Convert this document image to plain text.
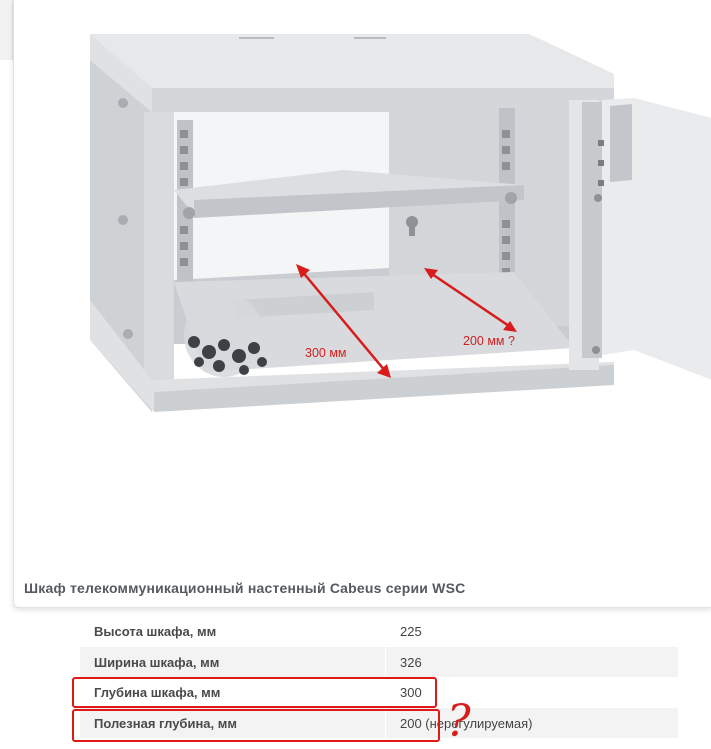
300 мм
200 мм ?
Шкаф телекоммуникационный настенный Cabeus серии WSC
Высота шкафа, мм	225
Ширина шкафа, мм	326
Глубина шкафа, мм	300
Полезная глубина, мм	200 (нерегулируемая)
?
